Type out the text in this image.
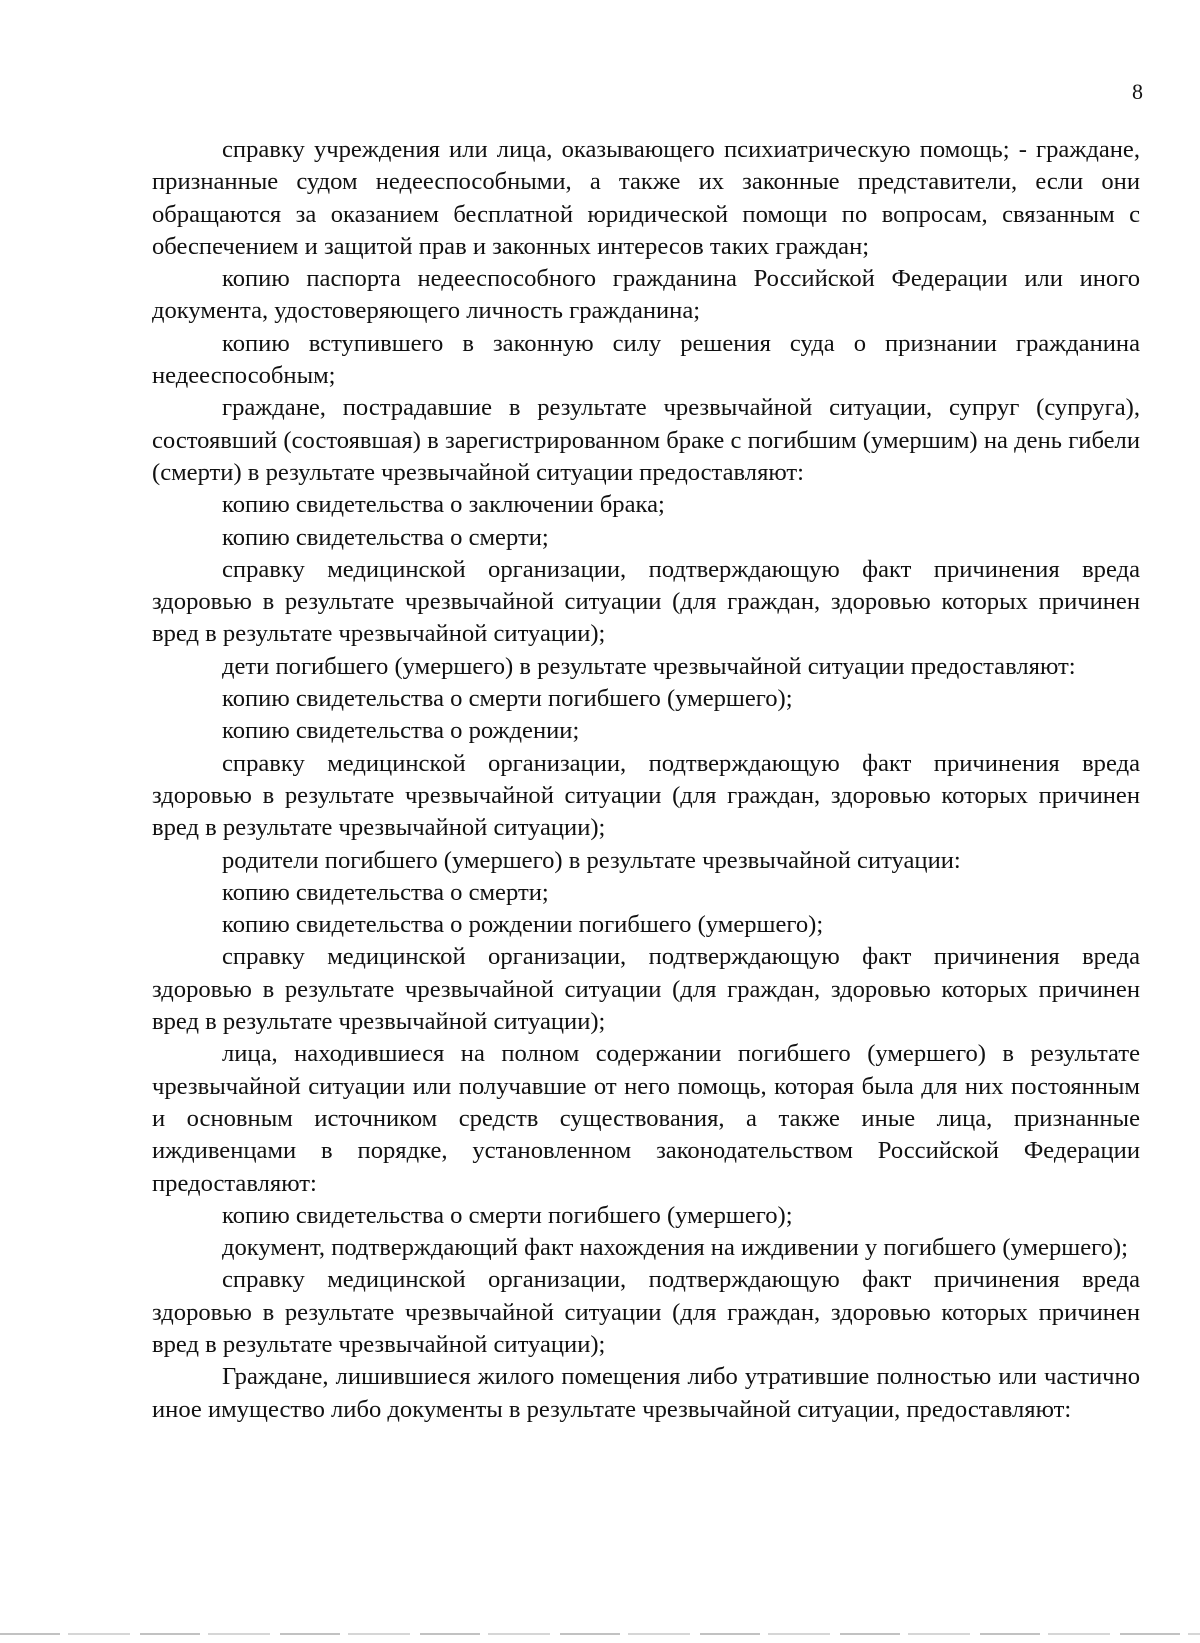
8

справку учреждения или лица, оказывающего психиатрическую помощь; - граждане, признанные судом недееспособными, а также их законные представители, если они обращаются за оказанием бесплатной юридической помощи по вопросам, связанным с обеспечением и защитой прав и законных интересов таких граждан;

копию паспорта недееспособного гражданина Российской Федерации или иного документа, удостоверяющего личность гражданина;

копию вступившего в законную силу решения суда о признании гражданина недееспособным;

граждане, пострадавшие в результате чрезвычайной ситуации, супруг (супруга), состоявший (состоявшая) в зарегистрированном браке с погибшим (умершим) на день гибели (смерти) в результате чрезвычайной ситуации предоставляют:

копию свидетельства о заключении брака;

копию свидетельства о смерти;

справку медицинской организации, подтверждающую факт причинения вреда здоровью в результате чрезвычайной ситуации (для граждан, здоровью которых причинен вред в результате чрезвычайной ситуации);

дети погибшего (умершего) в результате чрезвычайной ситуации предоставляют:

копию свидетельства о смерти погибшего (умершего);

копию свидетельства о рождении;

справку медицинской организации, подтверждающую факт причинения вреда здоровью в результате чрезвычайной ситуации (для граждан, здоровью которых причинен вред в результате чрезвычайной ситуации);

родители погибшего (умершего) в результате чрезвычайной ситуации:

копию свидетельства о смерти;

копию свидетельства о рождении погибшего (умершего);

справку медицинской организации, подтверждающую факт причинения вреда здоровью в результате чрезвычайной ситуации (для граждан, здоровью которых причинен вред в результате чрезвычайной ситуации);

лица, находившиеся на полном содержании погибшего (умершего) в результате чрезвычайной ситуации или получавшие от него помощь, которая была для них постоянным и основным источником средств существования, а также иные лица, признанные иждивенцами в порядке, установленном законодательством Российской Федерации предоставляют:

копию свидетельства о смерти погибшего (умершего);

документ, подтверждающий факт нахождения на иждивении у погибшего (умершего);

справку медицинской организации, подтверждающую факт причинения вреда здоровью в результате чрезвычайной ситуации (для граждан, здоровью которых причинен вред в результате чрезвычайной ситуации);

Граждане, лишившиеся жилого помещения либо утратившие полностью или частично иное имущество либо документы в результате чрезвычайной ситуации, предоставляют:
